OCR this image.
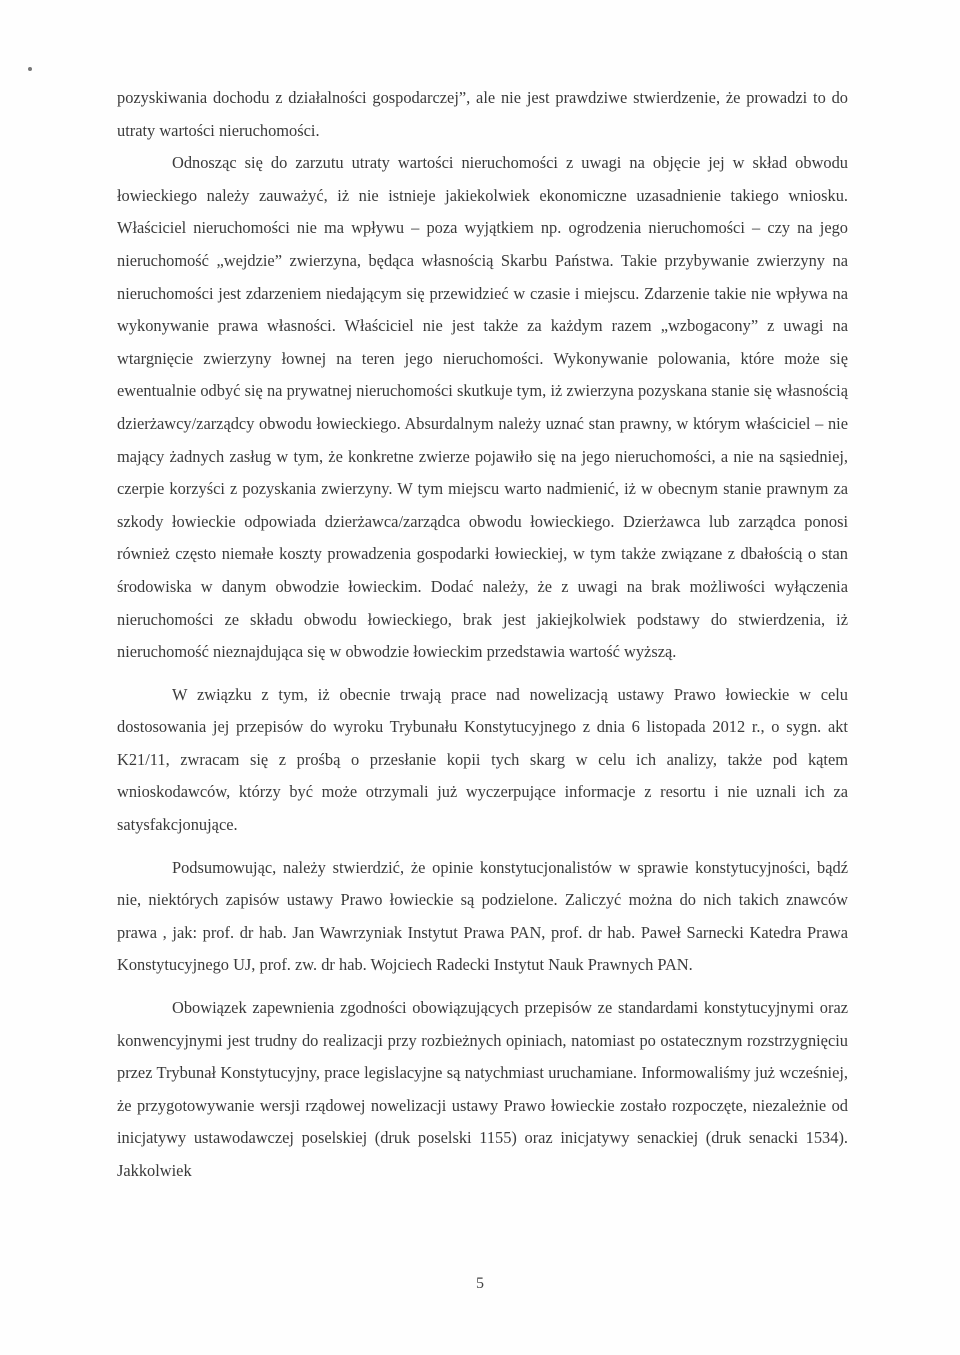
pozyskiwania dochodu z działalności gospodarczej”, ale nie jest prawdziwe stwierdzenie, że prowadzi to do utraty wartości nieruchomości.

Odnosząc się do zarzutu utraty wartości nieruchomości z uwagi na objęcie jej w skład obwodu łowieckiego należy zauważyć, iż nie istnieje jakiekolwiek ekonomiczne uzasadnienie takiego wniosku. Właściciel nieruchomości nie ma wpływu – poza wyjątkiem np. ogrodzenia nieruchomości – czy na jego nieruchomość „wejdzie” zwierzyna, będąca własnością Skarbu Państwa. Takie przybywanie zwierzyny na nieruchomości jest zdarzeniem niedającym się przewidzieć w czasie i miejscu. Zdarzenie takie nie wpływa na wykonywanie prawa własności. Właściciel nie jest także za każdym razem „wzbogacony” z uwagi na wtargnięcie zwierzyny łownej na teren jego nieruchomości. Wykonywanie polowania, które może się ewentualnie odbyć się na prywatnej nieruchomości skutkuje tym, iż zwierzyna pozyskana stanie się własnością dzierżawcy/zarządcy obwodu łowieckiego. Absurdalnym należy uznać stan prawny, w którym właściciel – nie mający żadnych zasług w tym, że konkretne zwierze pojawiło się na jego nieruchomości, a nie na sąsiedniej, czerpie korzyści z pozyskania zwierzyny. W tym miejscu warto nadmienić, iż w obecnym stanie prawnym za szkody łowieckie odpowiada dzierżawca/zarządca obwodu łowieckiego. Dzierżawca lub zarządca ponosi również często niemałe koszty prowadzenia gospodarki łowieckiej, w tym także związane z dbałością o stan środowiska w danym obwodzie łowieckim. Dodać należy, że z uwagi na brak możliwości wyłączenia nieruchomości ze składu obwodu łowieckiego, brak jest jakiejkolwiek podstawy do stwierdzenia, iż nieruchomość nieznajdująca się w obwodzie łowieckim przedstawia wartość wyższą.

W związku z tym, iż obecnie trwają prace nad nowelizacją ustawy Prawo łowieckie w celu dostosowania jej przepisów do wyroku Trybunału Konstytucyjnego z dnia 6 listopada 2012 r., o sygn. akt K21/11, zwracam się z prośbą o przesłanie kopii tych skarg w celu ich analizy, także pod kątem wnioskodawców, którzy być może otrzymali już wyczerpujące informacje z resortu i nie uznali ich za satysfakcjonujące.

Podsumowując, należy stwierdzić, że opinie konstytucjonalistów w sprawie konstytucyjności, bądź nie, niektórych zapisów ustawy Prawo łowieckie są podzielone. Zaliczyć można do nich takich znawców prawa , jak: prof. dr hab. Jan Wawrzyniak Instytut Prawa PAN, prof. dr hab. Paweł Sarnecki Katedra Prawa Konstytucyjnego UJ, prof. zw. dr hab. Wojciech Radecki Instytut Nauk Prawnych PAN.

Obowiązek zapewnienia zgodności obowiązujących przepisów ze standardami konstytucyjnymi oraz konwencyjnymi jest trudny do realizacji przy rozbieżnych opiniach, natomiast po ostatecznym rozstrzygnięciu przez Trybunał Konstytucyjny, prace legislacyjne są natychmiast uruchamiane. Informowaliśmy już wcześniej, że przygotowywanie wersji rządowej nowelizacji ustawy Prawo łowieckie zostało rozpoczęte, niezależnie od inicjatywy ustawodawczej poselskiej (druk poselski 1155) oraz inicjatywy senackiej (druk senacki 1534). Jakkolwiek

5
